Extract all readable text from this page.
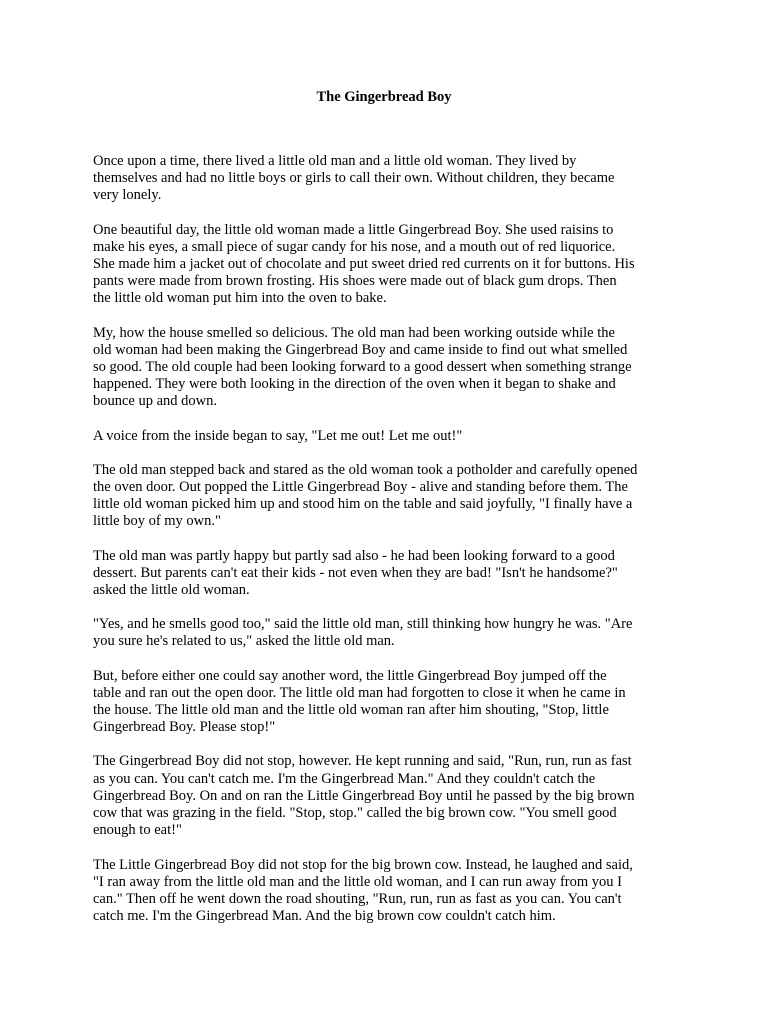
The Gingerbread Boy

Once upon a time, there lived a little old man and a little old woman. They lived by
themselves and had no little boys or girls to call their own. Without children, they became
very lonely.

One beautiful day, the little old woman made a little Gingerbread Boy. She used raisins to
make his eyes, a small piece of sugar candy for his nose, and a mouth out of red liquorice.
She made him a jacket out of chocolate and put sweet dried red currents on it for buttons. His
pants were made from brown frosting. His shoes were made out of black gum drops. Then
the little old woman put him into the oven to bake.

My, how the house smelled so delicious. The old man had been working outside while the
old woman had been making the Gingerbread Boy and came inside to find out what smelled
so good. The old couple had been looking forward to a good dessert when something strange
happened. They were both looking in the direction of the oven when it began to shake and
bounce up and down.

A voice from the inside began to say, "Let me out! Let me out!"

The old man stepped back and stared as the old woman took a potholder and carefully opened
the oven door. Out popped the Little Gingerbread Boy - alive and standing before them. The
little old woman picked him up and stood him on the table and said joyfully, "I finally have a
little boy of my own."

The old man was partly happy but partly sad also - he had been looking forward to a good
dessert. But parents can't eat their kids - not even when they are bad! "Isn't he handsome?"
asked the little old woman.

"Yes, and he smells good too," said the little old man, still thinking how hungry he was. "Are
you sure he's related to us," asked the little old man.

But, before either one could say another word, the little Gingerbread Boy jumped off the
table and ran out the open door. The little old man had forgotten to close it when he came in
the house. The little old man and the little old woman ran after him shouting, "Stop, little
Gingerbread Boy. Please stop!"

The Gingerbread Boy did not stop, however. He kept running and said, "Run, run, run as fast
as you can. You can't catch me. I'm the Gingerbread Man." And they couldn't catch the
Gingerbread Boy. On and on ran the Little Gingerbread Boy until he passed by the big brown
cow that was grazing in the field. "Stop, stop." called the big brown cow. "You smell good
enough to eat!"

The Little Gingerbread Boy did not stop for the big brown cow. Instead, he laughed and said,
"I ran away from the little old man and the little old woman, and I can run away from you I
can." Then off he went down the road shouting, "Run, run, run as fast as you can. You can't
catch me. I'm the Gingerbread Man. And the big brown cow couldn't catch him.
